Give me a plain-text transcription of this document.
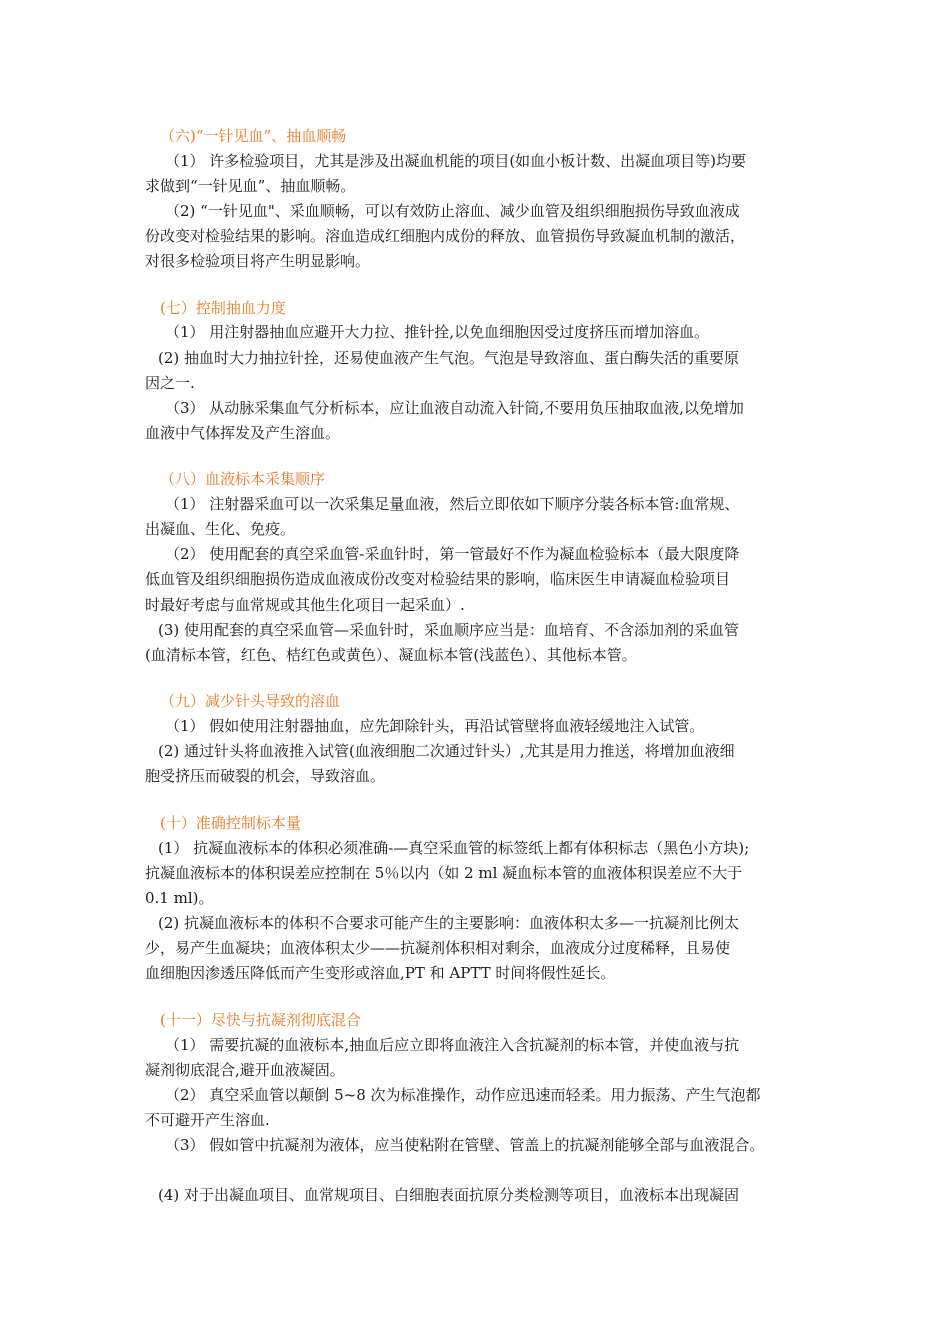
（六)“一针见血”、抽血顺畅
（1） 许多检验项目，尤其是涉及出凝血机能的项目(如血小板计数、出凝血项目等)均要
求做到“一针见血”、抽血顺畅。
（2) “一针见血"、采血顺畅，可以有效防止溶血、减少血管及组织细胞损伤导致血液成
份改变对检验结果的影响。溶血造成红细胞内成份的释放、血管损伤导致凝血机制的激活，
对很多检验项目将产生明显影响。
(七）控制抽血力度
（1） 用注射器抽血应避开大力拉、推针拴,以免血细胞因受过度挤压而增加溶血。
(2) 抽血时大力抽拉针拴，还易使血液产生气泡。气泡是导致溶血、蛋白酶失活的重要原
因之一.
（3） 从动脉采集血气分析标本，应让血液自动流入针筒,不要用负压抽取血液,以免增加
血液中气体挥发及产生溶血。
（八）血液标本采集顺序
（1） 注射器采血可以一次采集足量血液，然后立即依如下顺序分装各标本管:血常规、
出凝血、生化、免疫。
（2） 使用配套的真空采血管-采血针时，第一管最好不作为凝血检验标本（最大限度降
低血管及组织细胞损伤造成血液成份改变对检验结果的影响，临床医生申请凝血检验项目
时最好考虑与血常规或其他生化项目一起采血）.
(3) 使用配套的真空采血管—采血针时，采血顺序应当是：血培育、不含添加剂的采血管
(血清标本管，红色、桔红色或黄色）、凝血标本管(浅蓝色）、其他标本管。
（九）减少针头导致的溶血
（1） 假如使用注射器抽血，应先卸除针头，再沿试管壁将血液轻缓地注入试管。
(2) 通过针头将血液推入试管(血液细胞二次通过针头）,尤其是用力推送，将增加血液细
胞受挤压而破裂的机会，导致溶血。
(十）准确控制标本量
(1） 抗凝血液标本的体积必须准确-—真空采血管的标签纸上都有体积标志（黑色小方块);
抗凝血液标本的体积误差应控制在 5％以内（如 2 ml 凝血标本管的血液体积误差应不大于
0.1 ml)。
(2) 抗凝血液标本的体积不合要求可能产生的主要影响：血液体积太多—一抗凝剂比例太
少，易产生血凝块；血液体积太少——抗凝剂体积相对剩余，血液成分过度稀释，且易使
血细胞因渗透压降低而产生变形或溶血,PT 和 APTT 时间将假性延长。
(十一）尽快与抗凝剂彻底混合
（1） 需要抗凝的血液标本,抽血后应立即将血液注入含抗凝剂的标本管，并使血液与抗
凝剂彻底混合,避开血液凝固。
（2） 真空采血管以颠倒 5~8 次为标准操作，动作应迅速而轻柔。用力振荡、产生气泡都
不可避开产生溶血.
（3） 假如管中抗凝剂为液体，应当使粘附在管壁、管盖上的抗凝剂能够全部与血液混合。
(4) 对于出凝血项目、血常规项目、白细胞表面抗原分类检测等项目，血液标本出现凝固
